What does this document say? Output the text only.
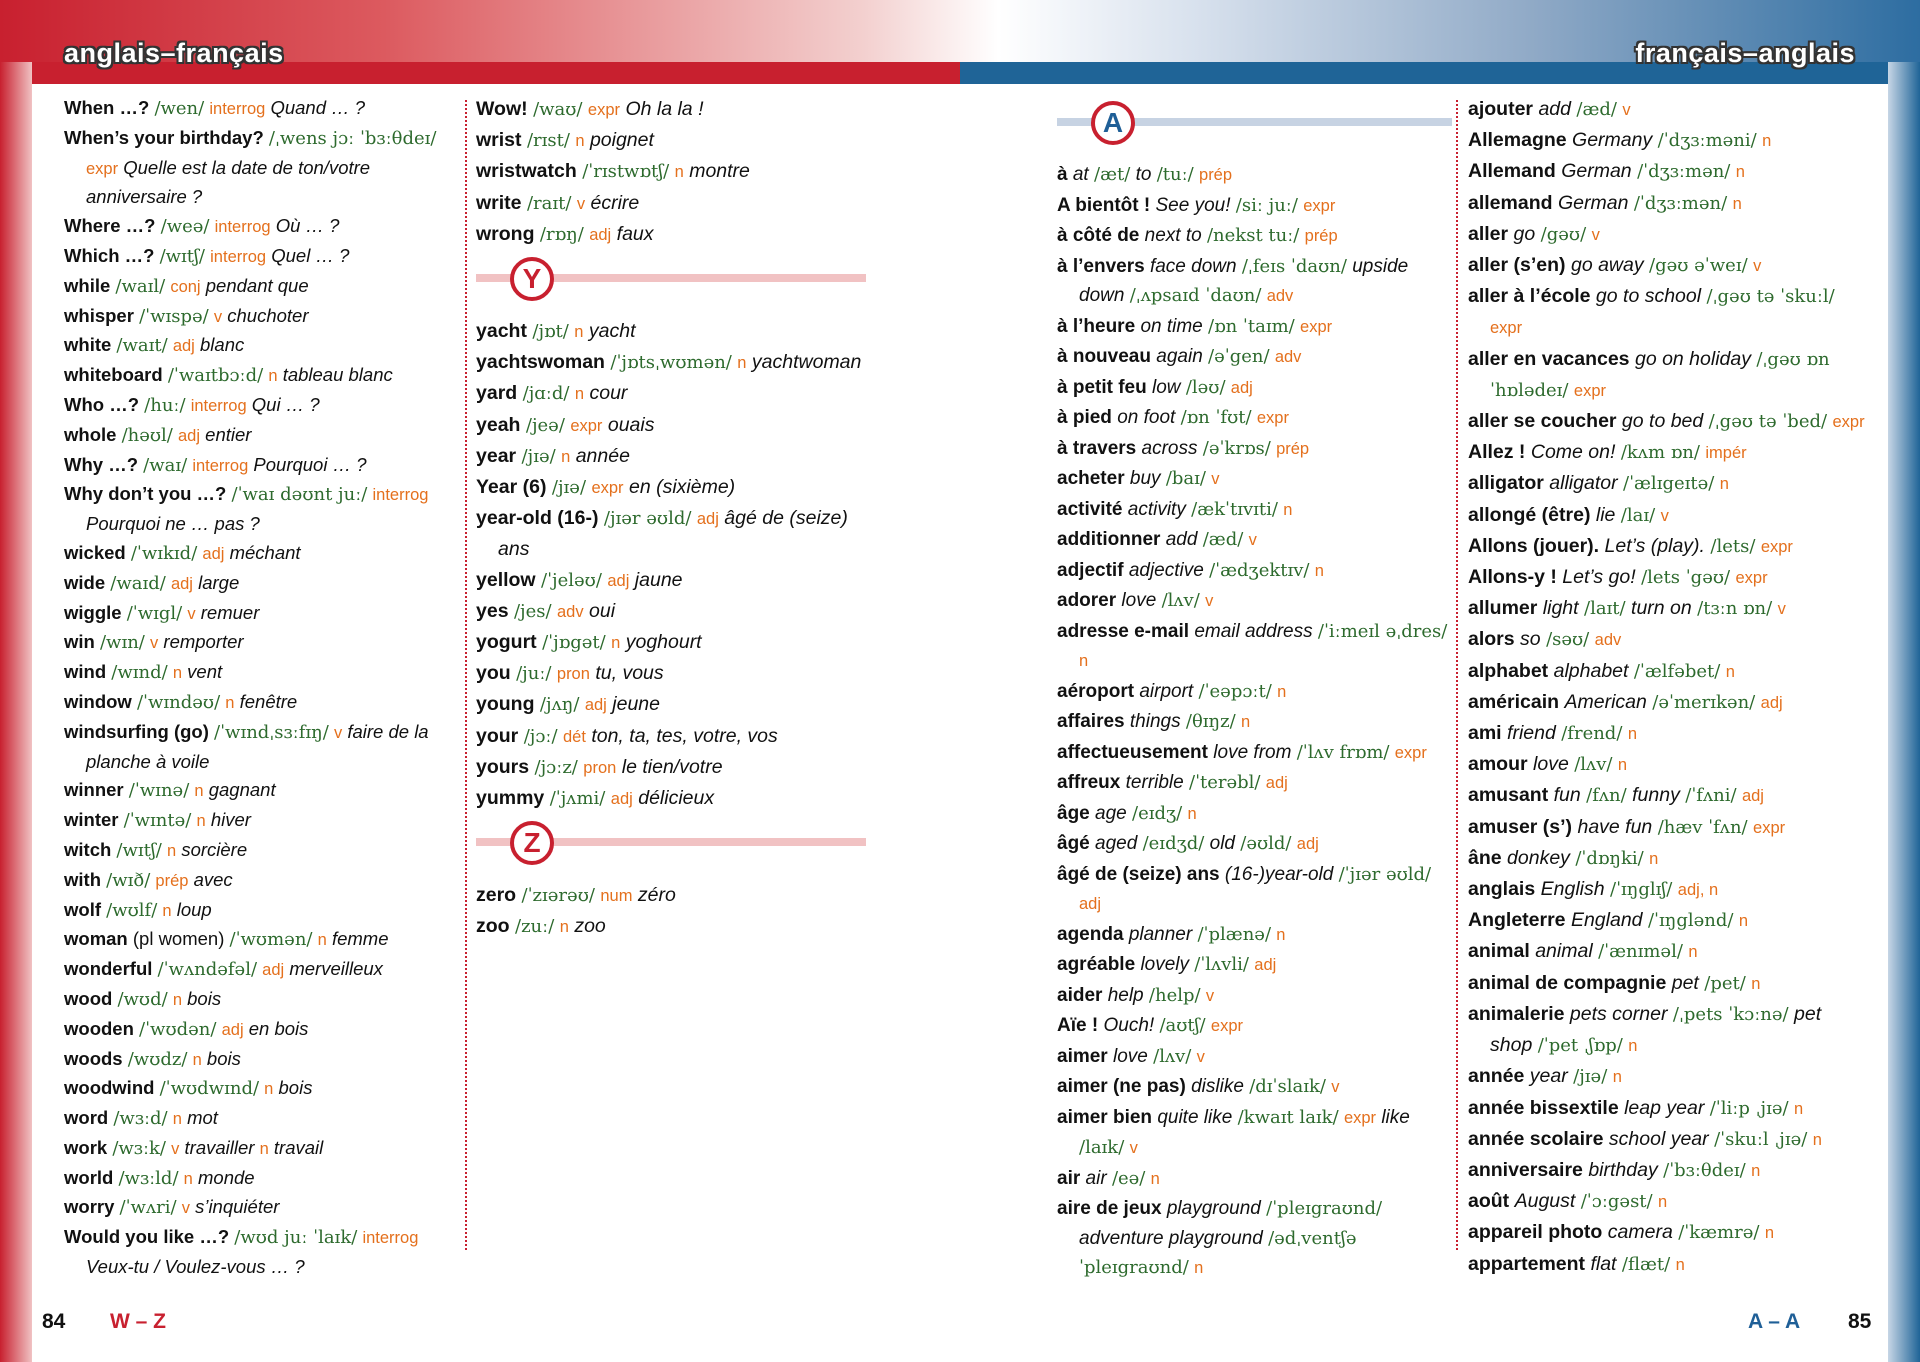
anglais–français	français–anglais
When …? /wen/ interrog Quand … ?
When’s your birthday? /ˌwens jɔː ˈbɜːθdeɪ/ expr Quelle est la date de ton/votre anniversaire ?
Where …? /weə/ interrog Où … ?
Which …? /wɪtʃ/ interrog Quel … ?
while /waɪl/ conj pendant que
whisper /ˈwɪspə/ v chuchoter
white /waɪt/ adj blanc
whiteboard /ˈwaɪtbɔːd/ n tableau blanc
Who …? /huː/ interrog Qui … ?
whole /həʊl/ adj entier
Why …? /waɪ/ interrog Pourquoi … ?
Why don’t you …? /ˈwaɪ dəʊnt juː/ interrog Pourquoi ne … pas ?
wicked /ˈwɪkɪd/ adj méchant
wide /waɪd/ adj large
wiggle /ˈwɪgl/ v remuer
win /wɪn/ v remporter
wind /wɪnd/ n vent
window /ˈwɪndəʊ/ n fenêtre
windsurfing (go) /ˈwɪndˌsɜːfɪŋ/ v faire de la planche à voile
winner /ˈwɪnə/ n gagnant
winter /ˈwɪntə/ n hiver
witch /wɪtʃ/ n sorcière
with /wɪð/ prép avec
wolf /wʊlf/ n loup
woman (pl women) /ˈwʊmən/ n femme
wonderful /ˈwʌndəfəl/ adj merveilleux
wood /wʊd/ n bois
wooden /ˈwʊdən/ adj en bois
woods /wʊdz/ n bois
woodwind /ˈwʊdwɪnd/ n bois
word /wɜːd/ n mot
work /wɜːk/ v travailler n travail
world /wɜːld/ n monde
worry /ˈwʌri/ v s’inquiéter
Would you like …? /wʊd juː ˈlaɪk/ interrog Veux-tu / Voulez-vous … ?
Wow! /waʊ/ expr Oh la la !
wrist /rɪst/ n poignet
wristwatch /ˈrɪstwɒtʃ/ n montre
write /raɪt/ v écrire
wrong /rɒŋ/ adj faux
Y
yacht /jɒt/ n yacht
yachtswoman /ˈjɒtsˌwʊmən/ n yachtwoman
yard /jɑːd/ n cour
yeah /jeə/ expr ouais
year /jɪə/ n année
Year (6) /jɪə/ expr en (sixième)
year-old (16-) /jɪər əʊld/ adj âgé de (seize) ans
yellow /ˈjeləʊ/ adj jaune
yes /jes/ adv oui
yogurt /ˈjɒgət/ n yoghourt
you /juː/ pron tu, vous
young /jʌŋ/ adj jeune
your /jɔː/ dét ton, ta, tes, votre, vos
yours /jɔːz/ pron le tien/votre
yummy /ˈjʌmi/ adj délicieux
Z
zero /ˈzɪərəʊ/ num zéro
zoo /zuː/ n zoo
A
à at /æt/ to /tuː/ prép
A bientôt ! See you! /siː juː/ expr
à côté de next to /nekst tuː/ prép
à l’envers face down /ˌfeɪs ˈdaʊn/ upside down /ˌʌpsaɪd ˈdaʊn/ adv
à l’heure on time /ɒn ˈtaɪm/ expr
à nouveau again /əˈgen/ adv
à petit feu low /ləʊ/ adj
à pied on foot /ɒn ˈfʊt/ expr
à travers across /əˈkrɒs/ prép
acheter buy /baɪ/ v
activité activity /ækˈtɪvɪti/ n
additionner add /æd/ v
adjectif adjective /ˈædʒektɪv/ n
adorer love /lʌv/ v
adresse e-mail email address /ˈiːmeɪl əˌdres/ n
aéroport airport /ˈeəpɔːt/ n
affaires things /θɪŋz/ n
affectueusement love from /ˈlʌv frɒm/ expr
affreux terrible /ˈterəbl/ adj
âge age /eɪdʒ/ n
âgé aged /eɪdʒd/ old /əʊld/ adj
âgé de (seize) ans (16-)year-old /ˈjɪər əʊld/ adj
agenda planner /ˈplænə/ n
agréable lovely /ˈlʌvli/ adj
aider help /help/ v
Aïe ! Ouch! /aʊtʃ/ expr
aimer love /lʌv/ v
aimer (ne pas) dislike /dɪˈslaɪk/ v
aimer bien quite like /kwaɪt laɪk/ expr like /laɪk/ v
air air /eə/ n
aire de jeux playground /ˈpleɪgraʊnd/ adventure playground /ədˌventʃə ˈpleɪgraʊnd/ n
ajouter add /æd/ v
Allemagne Germany /ˈdʒɜːməni/ n
Allemand German /ˈdʒɜːmən/ n
allemand German /ˈdʒɜːmən/ n
aller go /gəʊ/ v
aller (s’en) go away /gəʊ əˈweɪ/ v
aller à l’école go to school /ˌgəʊ tə ˈskuːl/ expr
aller en vacances go on holiday /ˌgəʊ ɒn ˈhɒlədeɪ/ expr
aller se coucher go to bed /ˌgəʊ tə ˈbed/ expr
Allez ! Come on! /kʌm ɒn/ impér
alligator alligator /ˈælɪgeɪtə/ n
allongé (être) lie /laɪ/ v
Allons (jouer). Let’s (play). /lets/ expr
Allons-y ! Let’s go! /lets ˈgəʊ/ expr
allumer light /laɪt/ turn on /tɜːn ɒn/ v
alors so /səʊ/ adv
alphabet alphabet /ˈælfəbet/ n
américain American /əˈmerɪkən/ adj
ami friend /frend/ n
amour love /lʌv/ n
amusant fun /fʌn/ funny /ˈfʌni/ adj
amuser (s’) have fun /hæv ˈfʌn/ expr
âne donkey /ˈdɒŋki/ n
anglais English /ˈɪŋglɪʃ/ adj, n
Angleterre England /ˈɪŋglənd/ n
animal animal /ˈænɪməl/ n
animal de compagnie pet /pet/ n
animalerie pets corner /ˌpets ˈkɔːnə/ pet shop /ˈpet ˌʃɒp/ n
année year /jɪə/ n
année bissextile leap year /ˈliːp ˌjɪə/ n
année scolaire school year /ˈskuːl ˌjɪə/ n
anniversaire birthday /ˈbɜːθdeɪ/ n
août August /ˈɔːgəst/ n
appareil photo camera /ˈkæmrə/ n
appartement flat /flæt/ n
84 W – Z	A – A 85
